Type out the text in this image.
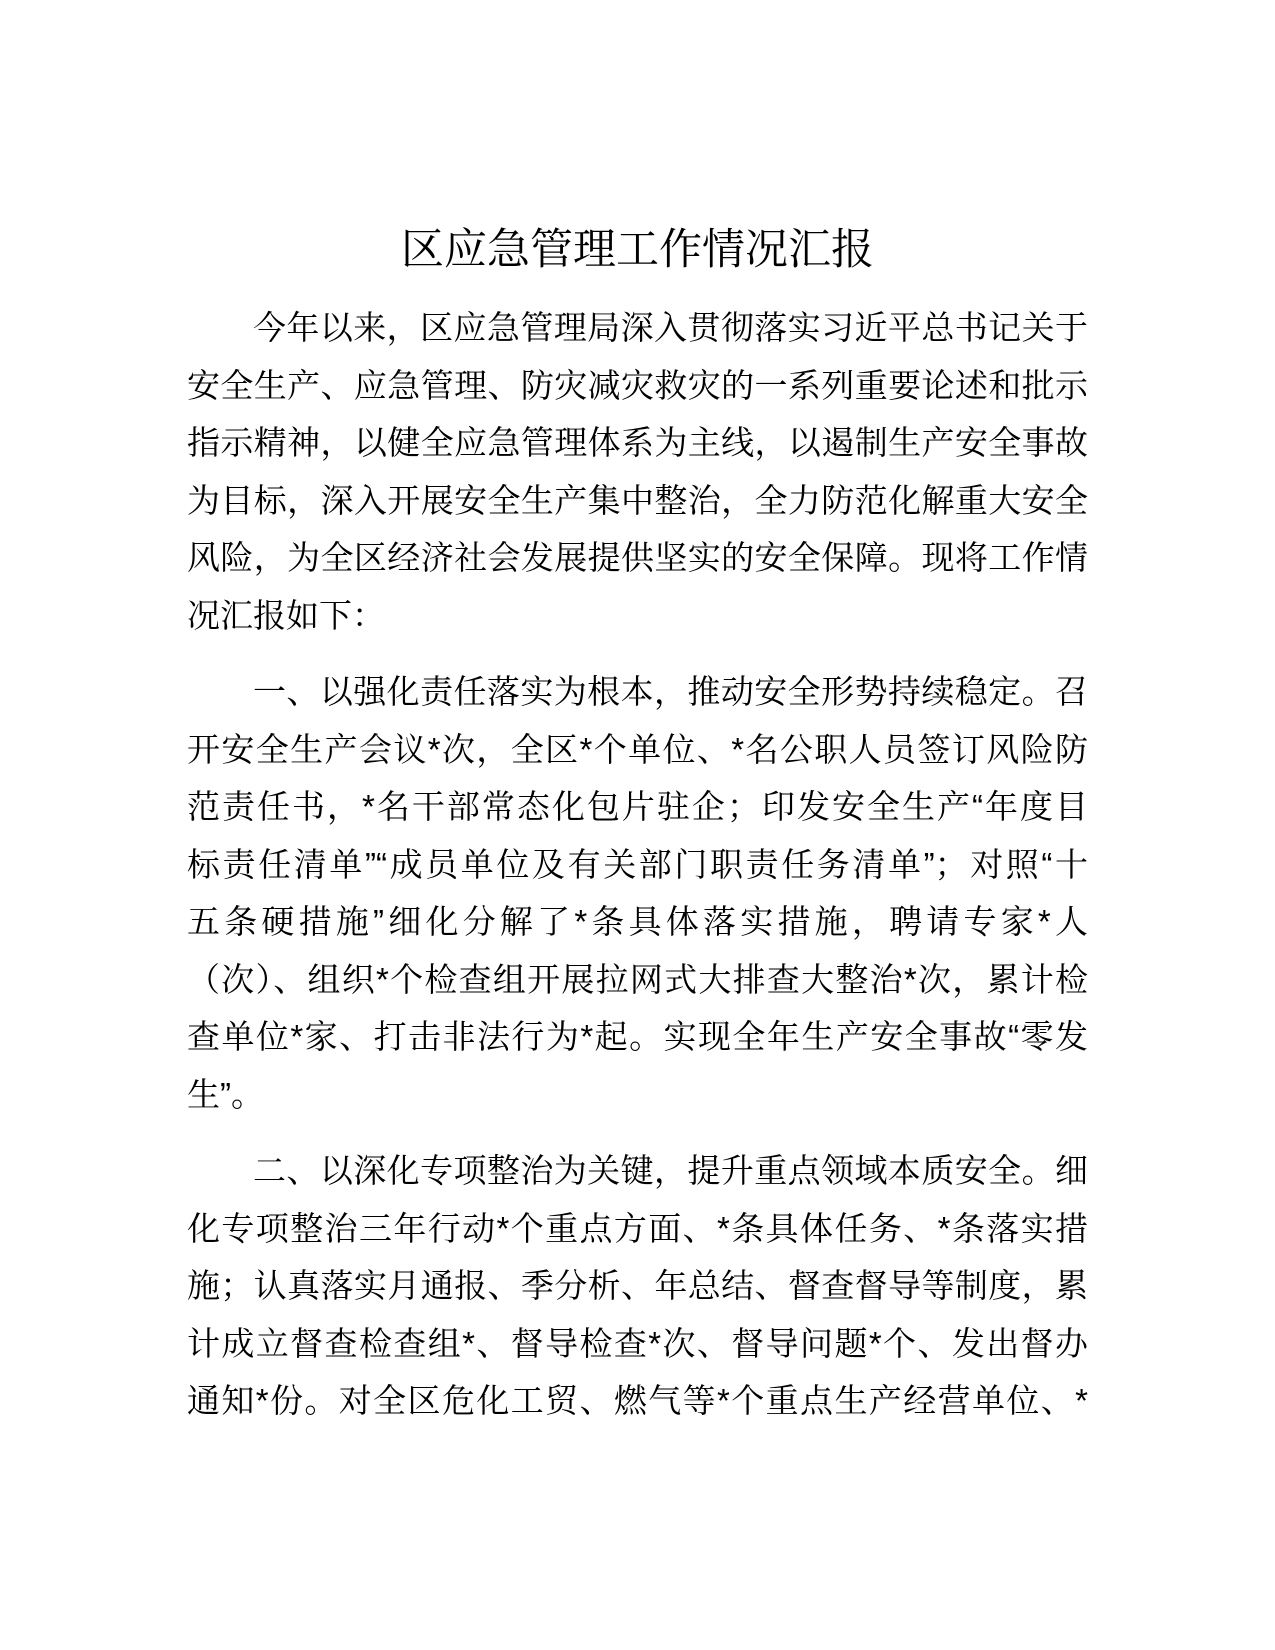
区应急管理工作情况汇报
今年以来，区应急管理局深入贯彻落实习近平总书记关于
安全生产、应急管理、防灾减灾救灾的一系列重要论述和批示
指示精神，以健全应急管理体系为主线，以遏制生产安全事故
为目标，深入开展安全生产集中整治，全力防范化解重大安全
风险，为全区经济社会发展提供坚实的安全保障。现将工作情
况汇报如下：
一、以强化责任落实为根本，推动安全形势持续稳定。召
开安全生产会议*次，全区*个单位、*名公职人员签订风险防
范责任书，*名干部常态化包片驻企；印发安全生产“年度目
标责任清单”“成员单位及有关部门职责任务清单”；对照“十
五条硬措施”细化分解了*条具体落实措施，聘请专家*人
（次）、组织*个检查组开展拉网式大排查大整治*次，累计检
查单位*家、打击非法行为*起。实现全年生产安全事故“零发
生”。
二、以深化专项整治为关键，提升重点领域本质安全。细
化专项整治三年行动*个重点方面、*条具体任务、*条落实措
施；认真落实月通报、季分析、年总结、督查督导等制度，累
计成立督查检查组*、督导检查*次、督导问题*个、发出督办
通知*份。对全区危化工贸、燃气等*个重点生产经营单位、*
